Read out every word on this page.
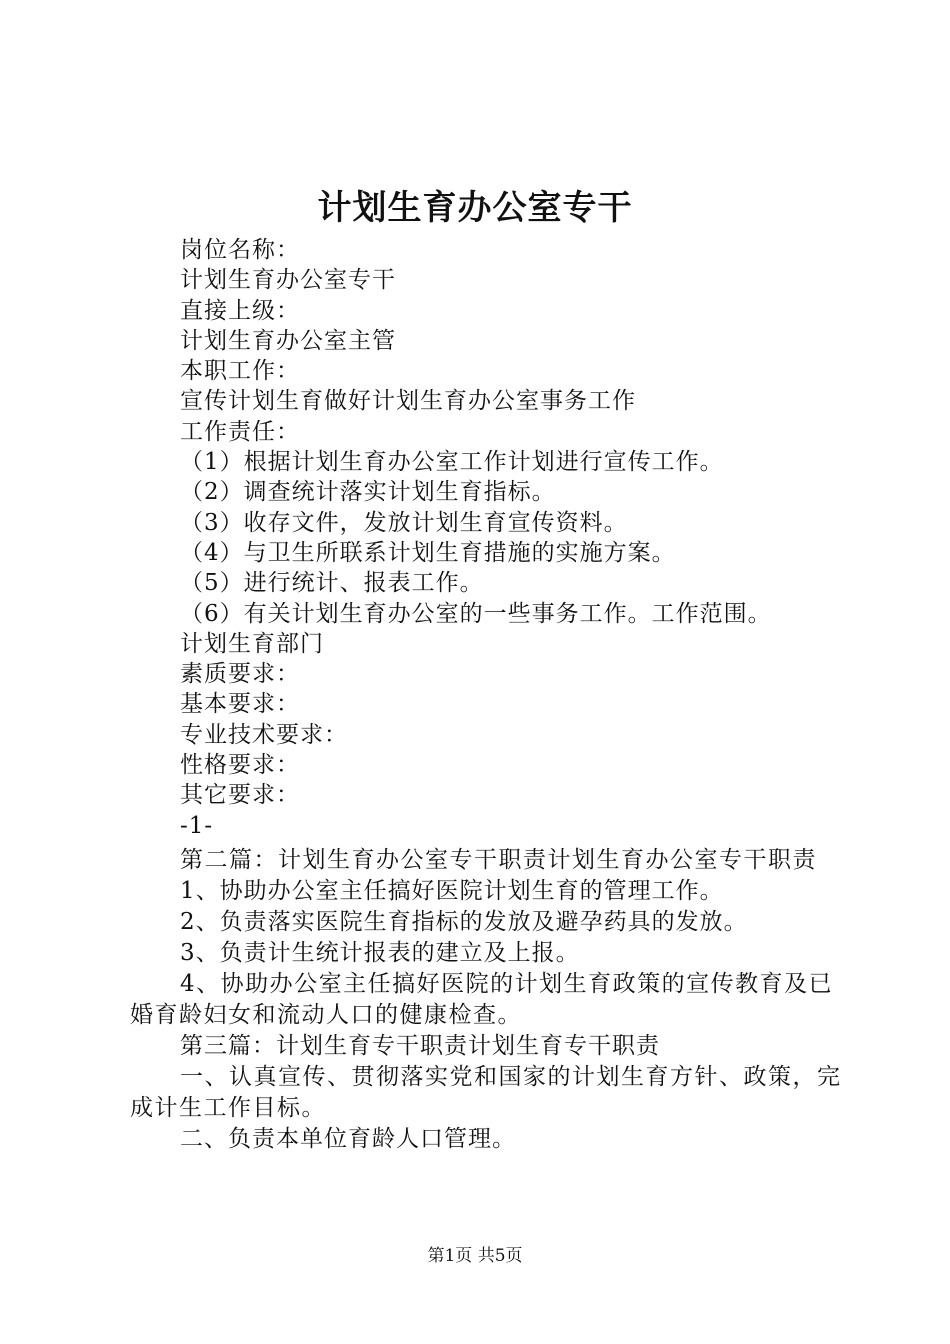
计划生育办公室专干
岗位名称：
计划生育办公室专干
直接上级：
计划生育办公室主管
本职工作：
宣传计划生育做好计划生育办公室事务工作
工作责任：
（1）根据计划生育办公室工作计划进行宣传工作。
（2）调查统计落实计划生育指标。
（3）收存文件，发放计划生育宣传资料。
（4）与卫生所联系计划生育措施的实施方案。
（5）进行统计、报表工作。
（6）有关计划生育办公室的一些事务工作。工作范围。
计划生育部门
素质要求：
基本要求：
专业技术要求：
性格要求：
其它要求：
-1-

第二篇：计划生育办公室专干职责计划生育办公室专干职责

1、协助办公室主任搞好医院计划生育的管理工作。

2、负责落实医院生育指标的发放及避孕药具的发放。

3、负责计生统计报表的建立及上报。

4、协助办公室主任搞好医院的计划生育政策的宣传教育及已婚育龄妇女和流动人口的健康检查。

第三篇：计划生育专干职责计划生育专干职责

一、认真宣传、贯彻落实党和国家的计划生育方针、政策，完成计生工作目标。

二、负责本单位育龄人口管理。

第1页 共5页
